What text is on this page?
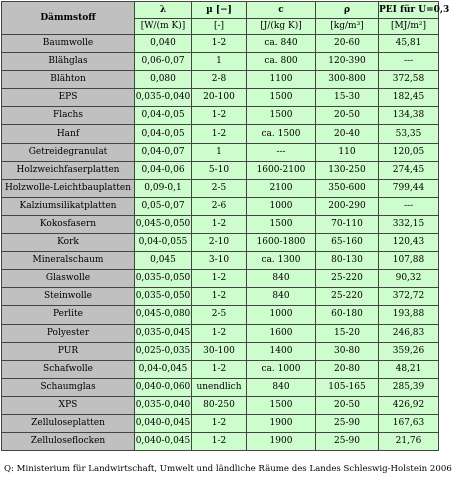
Dämmstoff	λ	µ [−]	c	ρ	PEI für U=0,3
	[W/(m K)]	[-]	[J/(kg K)]	[kg/m³]	[MJ/m²]
Baumwolle	0,040	1-2	ca. 840	20-60	45,81
Blähglas	0,06-0,07	1	ca. 800	120-390	---
Blähton	0,080	2-8	1100	300-800	372,58
EPS	0,035-0,040	20-100	1500	15-30	182,45
Flachs	0,04-0,05	1-2	1500	20-50	134,38
Hanf	0,04-0,05	1-2	ca. 1500	20-40	53,35
Getreidegranulat	0,04-0,07	1	---	110	120,05
Holzweichfaserplatten	0,04-0,06	5-10	1600-2100	130-250	274,45
Holzwolle-Leichtbauplatten	0,09-0,1	2-5	2100	350-600	799,44
Kalziumsilikatplatten	0,05-0,07	2-6	1000	200-290	---
Kokosfasern	0,045-0,050	1-2	1500	70-110	332,15
Kork	0,04-0,055	2-10	1600-1800	65-160	120,43
Mineralschaum	0,045	3-10	ca. 1300	80-130	107,88
Glaswolle	0,035-0,050	1-2	840	25-220	90,32
Steinwolle	0,035-0,050	1-2	840	25-220	372,72
Perlite	0,045-0,080	2-5	1000	60-180	193,88
Polyester	0,035-0,045	1-2	1600	15-20	246,83
PUR	0,025-0,035	30-100	1400	30-80	359,26
Schafwolle	0,04-0,045	1-2	ca. 1000	20-80	48,21
Schaumglas	0,040-0,060	unendlich	840	105-165	285,39
XPS	0,035-0,040	80-250	1500	20-50	426,92
Zelluloseplatten	0,040-0,045	1-2	1900	25-90	167,63
Zelluloseflocken	0,040-0,045	1-2	1900	25-90	21,76
Q: Ministerium für Landwirtschaft, Umwelt und ländliche Räume des Landes Schleswig-Holstein 2006
